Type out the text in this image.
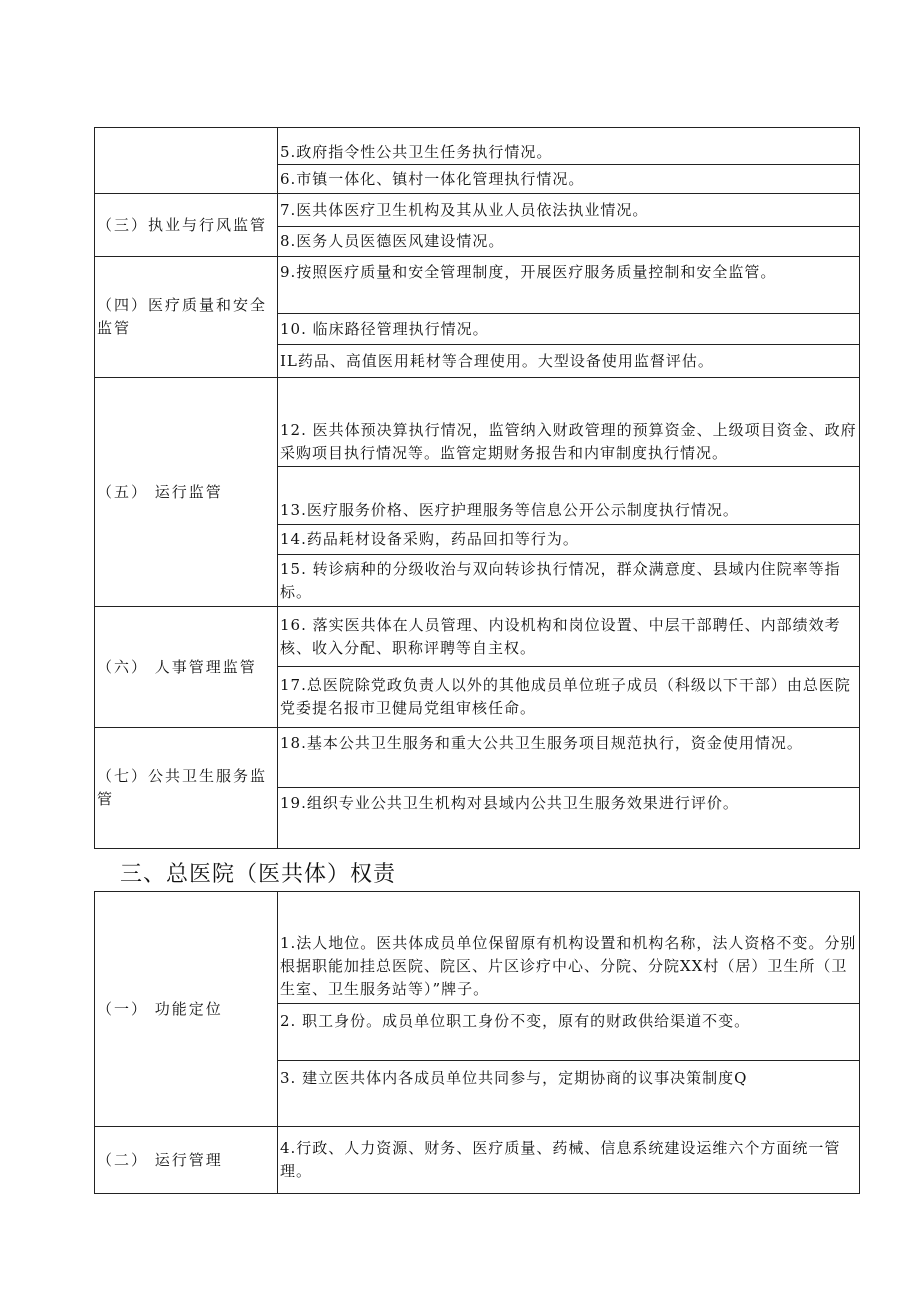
	5.政府指令性公共卫生任务执行情况。
	6.市镇一体化、镇村一体化管理执行情况。
（三）执业与行风监管	7.医共体医疗卫生机构及其从业人员依法执业情况。
	8.医务人员医德医风建设情况。
（四）医疗质量和安全监管	9.按照医疗质量和安全管理制度，开展医疗服务质量控制和安全监管。
	10. 临床路径管理执行情况。
	IL药品、高值医用耗材等合理使用。大型设备使用监督评估。
（五） 运行监管	12. 医共体预决算执行情况，监管纳入财政管理的预算资金、上级项目资金、政府采购项目执行情况等。监管定期财务报告和内审制度执行情况。
	13.医疗服务价格、医疗护理服务等信息公开公示制度执行情况。
	14.药品耗材设备采购，药品回扣等行为。
	15. 转诊病种的分级收治与双向转诊执行情况，群众满意度、县域内住院率等指标。
（六） 人事管理监管	16. 落实医共体在人员管理、内设机构和岗位设置、中层干部聘任、内部绩效考核、收入分配、职称评聘等自主权。
	17.总医院除党政负责人以外的其他成员单位班子成员（科级以下干部）由总医院党委提名报市卫健局党组审核任命。
（七）公共卫生服务监管	18.基本公共卫生服务和重大公共卫生服务项目规范执行，资金使用情况。
	19.组织专业公共卫生机构对县域内公共卫生服务效果进行评价。
三、总医院（医共体）权责
（一） 功能定位	1.法人地位。医共体成员单位保留原有机构设置和机构名称，法人资格不变。分别根据职能加挂总医院、院区、片区诊疗中心、分院、分院XX村（居）卫生所（卫生室、卫生服务站等）”牌子。
	2. 职工身份。成员单位职工身份不变，原有的财政供给渠道不变。
	3. 建立医共体内各成员单位共同参与，定期协商的议事决策制度Q
（二） 运行管理	4.行政、人力资源、财务、医疗质量、药械、信息系统建设运维六个方面统一管理。
